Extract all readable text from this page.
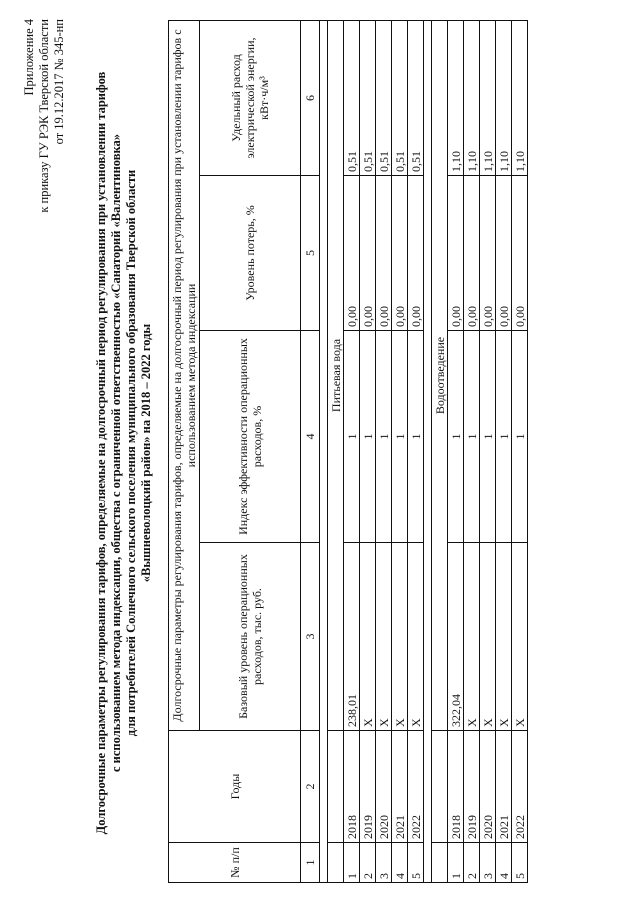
Приложение 4 к приказу ГУ РЭК Тверской области от 19.12.2017 № 345-нп Долгосрочные параметры регулирования тарифов, определяемые на долгосрочный период регулирования при установлении тарифов с использованием метода индексации, общества с ограниченной ответственностью «Санаторий «Валентиновка» для потребителей Солнечного сельского поселения муниципального образования Тверской области «Вышневолоцкий район» на 2018 – 2022 годы
№ п/п	Годы	Долгосрочные параметры регулирования тарифов, определяемые на долгосрочный период регулирования при установлении тарифов с использованием метода индексации			
		Базовый уровень операционных расходов, тыс. руб.	Индекс эффективности операционных расходов, %	Уровень потерь, %	Удельный расход электрической энергии, кВт·ч/м³
1	2	3	4	5	6

		Питьевая вода			
1	2018	238,01	1	0,00	0,51
2	2019	Х	1	0,00	0,51
3	2020	Х	1	0,00	0,51
4	2021	Х	1	0,00	0,51
5	2022	Х	1	0,00	0,51

		Водоотведение			
1	2018	322,04	1	0,00	1,10
2	2019	Х	1	0,00	1,10
3	2020	Х	1	0,00	1,10
4	2021	Х	1	0,00	1,10
5	2022	Х	1	0,00	1,10
